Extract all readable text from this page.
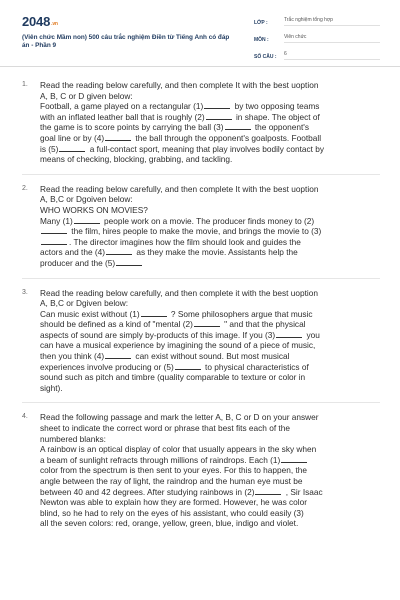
2048.vn
(Viên chức Mầm non) 500 câu trắc nghiệm Điền từ Tiếng Anh có đáp án - Phần 9
LỚP :	Trắc nghiệm tổng hợp
MÔN :	Viên chức
SỐ CÂU :	6
1. Read the reading below carefully, and then complete It with the best uoption
A, B, C or D given below:
Football, a game played on a rectangular (1)	by two opposing teams
with an inflated leather ball that is roughly (2)	in shape. The object of
the game is to score points by carrying the ball (3)	the opponent's
goal line or by (4)	the ball through the opponent's goalposts. Football
is (5)	a full-contact sport, meaning that play involves bodily contact by
means of checking, blocking, grabbing, and tackling.
2. Read the reading below carefully, and then complete It with the best uoption
A, B,C or Dgoiven below:
WHO WORKS ON MOVIES?
Many (1)	people work on a movie. The producer finds money to (2)
the film, hires people to make the movie, and brings the movie to (3)
. The director imagines how the film should look and guides the
actors and the (4)	as they make the movie. Assistants help the
producer and the (5)
3. Read the reading below carefully, and then complete it with the best uoption
A, B,C or Dgiven below:
Can music exist without (1)	? Some philosophers argue that music
should be defined as a kind of "mental (2)	" and that the physical
aspects of sound are simply by-products of this image. If you (3)	you
can have a musical experience by imagining the sound of a piece of music,
then you think (4)	can exist without sound. But most musical
experiences involve producing or (5)	to physical characteristics of
sound such as pitch and timbre (quality comparable to texture or color in
sight).
4. Read the following passage and mark the letter A, B, C or D on your answer
sheet to indicate the correct word or phrase that best fits each of the
numbered blanks:
A rainbow is an optical display of color that usually appears in the sky when
a beam of sunlight refracts through millions of raindrops. Each (1)
color from the spectrum is then sent to your eyes. For this to happen, the
angle between the ray of light, the raindrop and the human eye must be
between 40 and 42 degrees. After studying rainbows in (2)	, Sir Isaac
Newton was able to explain how they are formed. However, he was color
blind, so he had to rely on the eyes of his assistant, who could easily (3)
all the seven colors: red, orange, yellow, green, blue, indigo and violet.
